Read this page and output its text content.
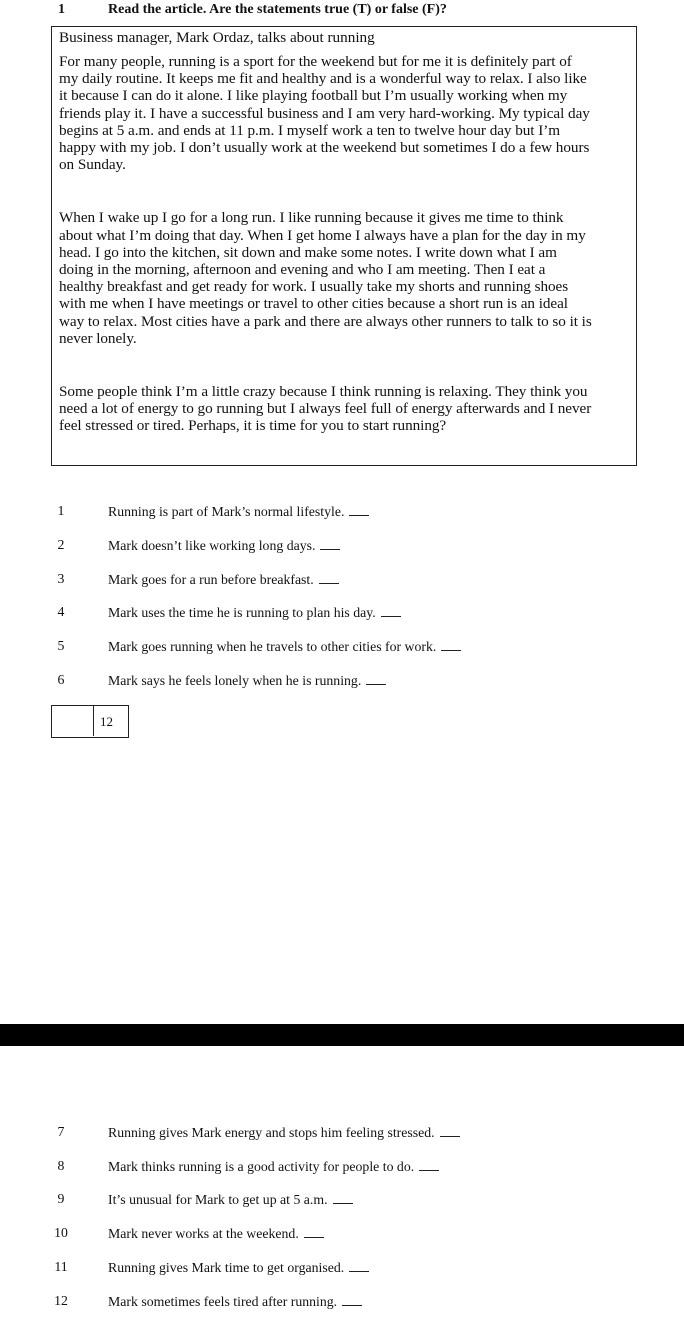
1	Read the article. Are the statements true (T) or false (F)?
Business manager, Mark Ordaz, talks about running

For many people, running is a sport for the weekend but for me it is definitely part of
my daily routine. It keeps me fit and healthy and is a wonderful way to relax. I also like
it because I can do it alone. I like playing football but I’m usually working when my
friends play it. I have a successful business and I am very hard-working. My typical day
begins at 5 a.m. and ends at 11 p.m. I myself work a ten to twelve hour day but I’m
happy with my job. I don’t usually work at the weekend but sometimes I do a few hours
on Sunday.

When I wake up I go for a long run. I like running because it gives me time to think
about what I’m doing that day. When I get home I always have a plan for the day in my
head. I go into the kitchen, sit down and make some notes. I write down what I am
doing in the morning, afternoon and evening and who I am meeting. Then I eat a
healthy breakfast and get ready for work. I usually take my shorts and running shoes
with me when I have meetings or travel to other cities because a short run is an ideal
way to relax. Most cities have a park and there are always other runners to talk to so it is
never lonely.

Some people think I’m a little crazy because I think running is relaxing. They think you
need a lot of energy to go running but I always feel full of energy afterwards and I never
feel stressed or tired. Perhaps, it is time for you to start running?

1	Running is part of Mark’s normal lifestyle.
2	Mark doesn’t like working long days.
3	Mark goes for a run before breakfast.
4	Mark uses the time he is running to plan his day.
5	Mark goes running when he travels to other cities for work.
6	Mark says he feels lonely when he is running.
12
7	Running gives Mark energy and stops him feeling stressed.
8	Mark thinks running is a good activity for people to do.
9	It’s unusual for Mark to get up at 5 a.m.
10	Mark never works at the weekend.
11	Running gives Mark time to get organised.
12	Mark sometimes feels tired after running.
